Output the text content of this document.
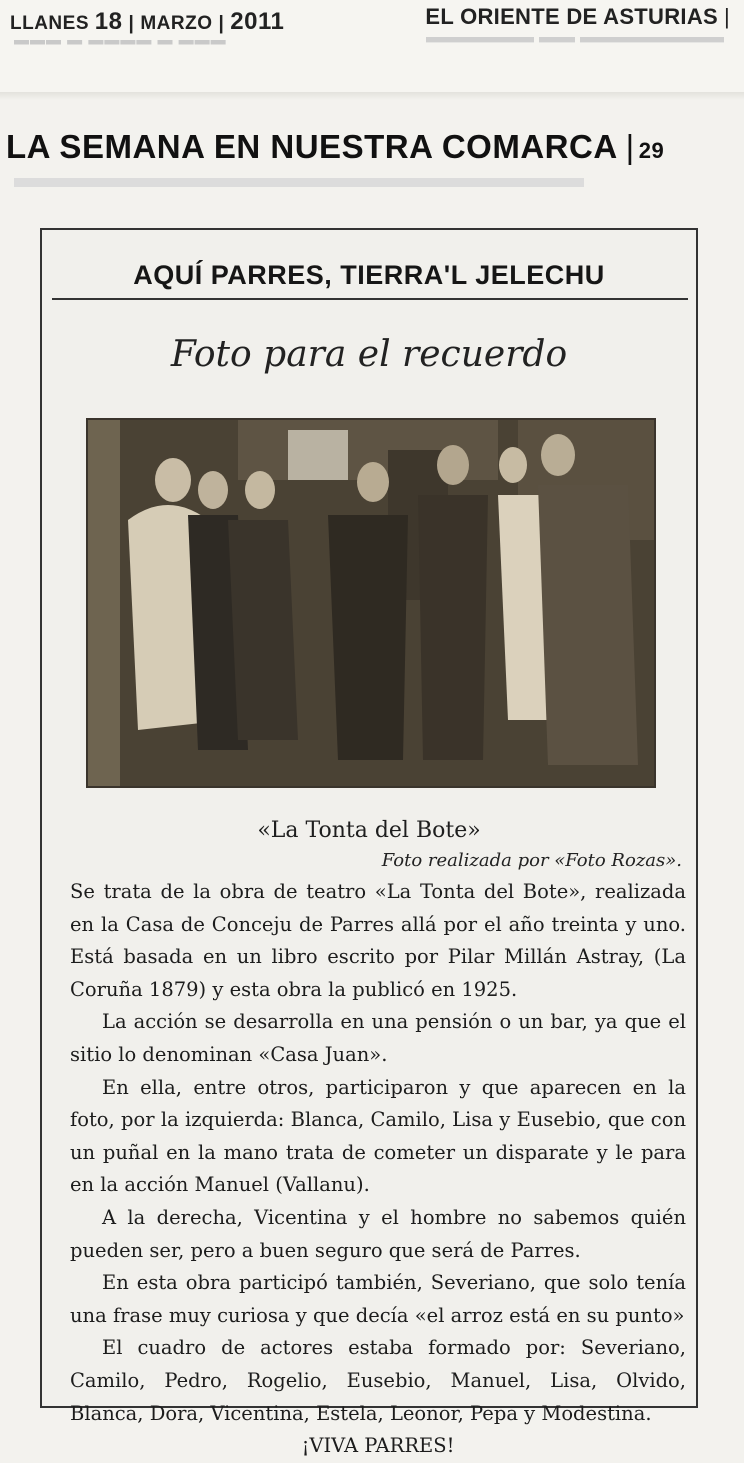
LLANES 18 | MARZO | 2011
▬▬▬ ▬ ▬▬▬▬ ▬ ▬▬▬
EL ORIENTE DE ASTURIAS |
▬▬▬▬▬▬ ▬▬ ▬▬▬▬▬▬▬▬
LA SEMANA EN NUESTRA COMARCA | 29
▬▬▬▬▬▬▬▬▬▬▬▬▬▬▬▬▬▬▬
AQUÍ PARRES, TIERRA'L JELECHU
Foto para el recuerdo
«La Tonta del Bote»
Foto realizada por «Foto Rozas».

Se trata de la obra de teatro «La Tonta del Bote», realizada en la Casa de Conceju de Parres allá por el año treinta y uno. Está basada en un libro escrito por Pilar Millán Astray, (La Coruña 1879) y esta obra la publicó en 1925.

La acción se desarrolla en una pensión o un bar, ya que el sitio lo denominan «Casa Juan».

En ella, entre otros, participaron y que aparecen en la foto, por la izquierda: Blanca, Camilo, Lisa y Eusebio, que con un puñal en la mano trata de cometer un disparate y le para en la acción Manuel (Vallanu).

A la derecha, Vicentina y el hombre no sabemos quién pueden ser, pero a buen seguro que será de Parres.

En esta obra participó también, Severiano, que solo tenía una frase muy curiosa y que decía «el arroz está en su punto»

El cuadro de actores estaba formado por: Severiano, Camilo, Pedro, Rogelio, Eusebio, Manuel, Lisa, Olvido, Blanca, Dora, Vicentina, Estela, Leonor, Pepa y Modestina.

¡VIVA PARRES!
